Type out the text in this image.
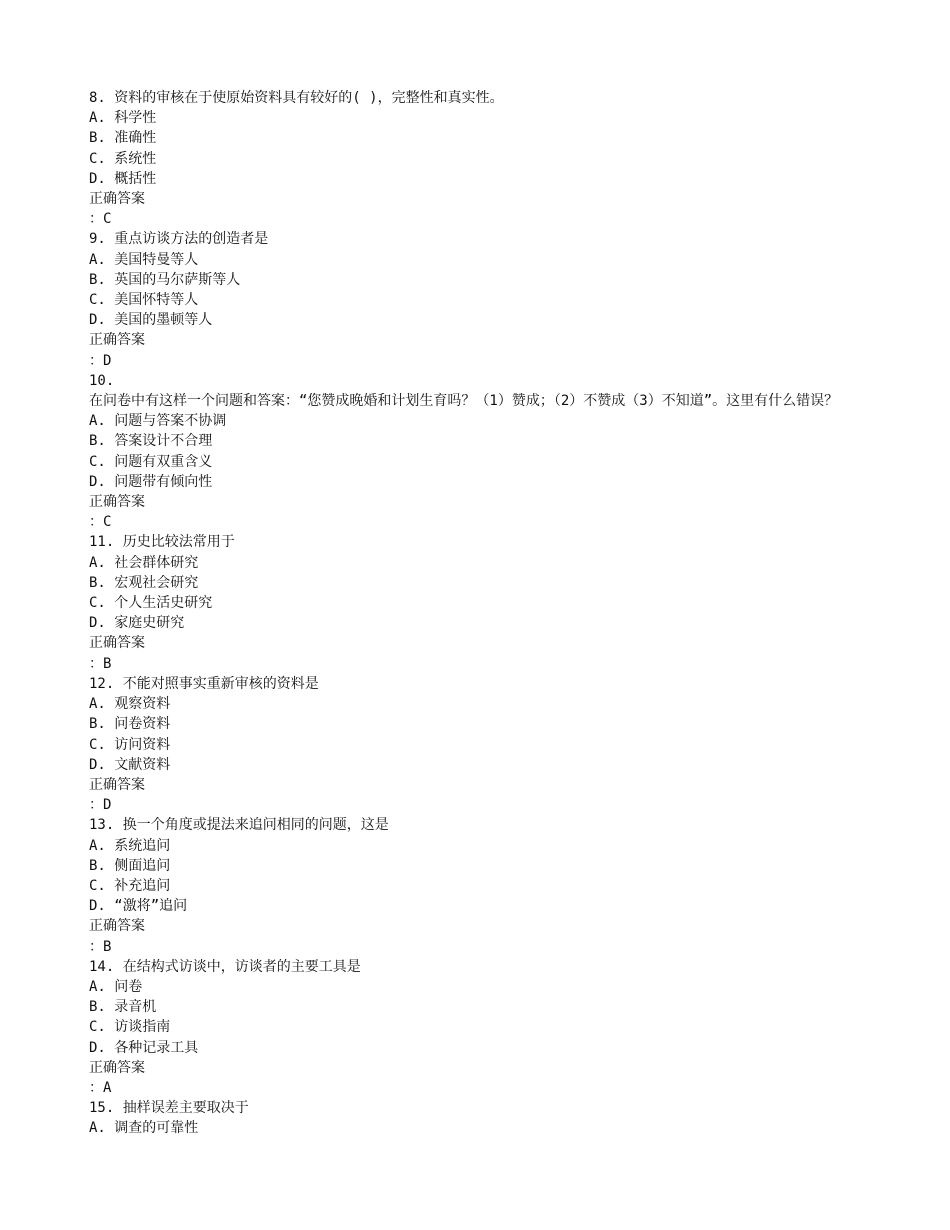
8. 资料的审核在于使原始资料具有较好的( )，完整性和真实性。
A. 科学性
B. 准确性
C. 系统性
D. 概括性
正确答案
：C
9. 重点访谈方法的创造者是
A. 美国特曼等人
B. 英国的马尔萨斯等人
C. 美国怀特等人
D. 美国的墨顿等人
正确答案
：D
10.
在问卷中有这样一个问题和答案：“您赞成晚婚和计划生育吗？（1）赞成；（2）不赞成（3）不知道”。这里有什么错误？
A. 问题与答案不协调
B. 答案设计不合理
C. 问题有双重含义
D. 问题带有倾向性
正确答案
：C
11. 历史比较法常用于
A. 社会群体研究
B. 宏观社会研究
C. 个人生活史研究
D. 家庭史研究
正确答案
：B
12. 不能对照事实重新审核的资料是
A. 观察资料
B. 问卷资料
C. 访问资料
D. 文献资料
正确答案
：D
13. 换一个角度或提法来追问相同的问题，这是
A. 系统追问
B. 侧面追问
C. 补充追问
D. “激将”追问
正确答案
：B
14. 在结构式访谈中，访谈者的主要工具是
A. 问卷
B. 录音机
C. 访谈指南
D. 各种记录工具
正确答案
：A
15. 抽样误差主要取决于
A. 调查的可靠性
